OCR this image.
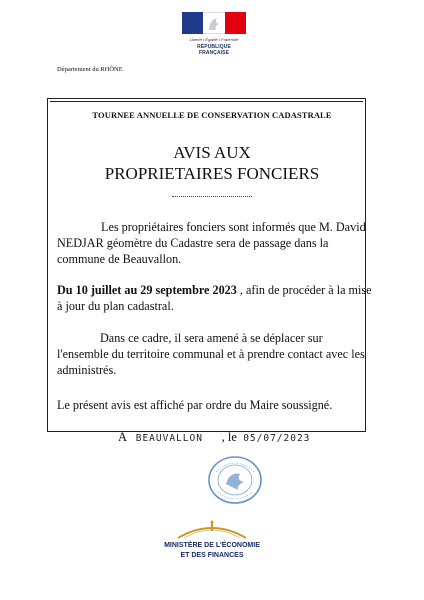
Liberté • Égalité • Fraternité
RÉPUBLIQUE FRANÇAISE
Département du RHÔNE
TOURNEE ANNUELLE DE CONSERVATION CADASTRALE
AVIS AUX
PROPRIETAIRES FONCIERS
Les propriétaires fonciers sont informés que M. David NEDJAR géomètre du Cadastre sera de passage dans la commune de Beauvallon.
Du 10 juillet au 29 septembre 2023 , afin de procéder à la mise à jour du plan cadastral.
Dans ce cadre, il sera amené à se déplacer sur l'ensemble du territoire communal et à prendre contact avec les administrés.
Le présent avis est affiché par ordre du Maire soussigné.
A BEAUVALLON , le 05/07/2023
MINISTÈRE DE L'ÉCONOMIE
ET DES FINANCES
